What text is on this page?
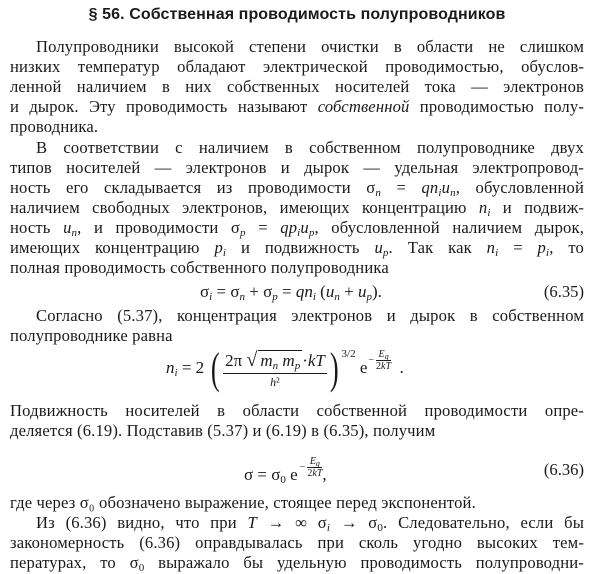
§ 56. Собственная проводимость полупроводников
Полупроводники высокой степени очистки в области не слишком
низких температур обладают электрической проводимостью, обуслов-
ленной наличием в них собственных носителей тока — электронов
и дырок. Эту проводимость называют собственной проводимостью полу-
проводника.
В соответствии с наличием в собственном полупроводнике двух
типов носителей — электронов и дырок — удельная электропровод-
ность его складывается из проводимости $\sigma_n = qn_iu_n$, обусловленной
наличием свободных электронов, имеющих концентрацию $n_i$ и подвиж-
ность $u_n$, и проводимости $\sigma_p = qp_iu_p$, обусловленной наличием дырок,
имеющих концентрацию $p_i$ и подвижность $u_p$. Так как $n_i = p_i$, то
полная проводимость собственного полупроводника
$\sigma_i = \sigma_n + \sigma_p = qn_i$ $(u_n + u_p)$.	(6.35)
Согласно (5.37), концентрация электронов и дырок в собственном
полупроводнике равна
$n_i = 2$ ( $\frac{2\pi √ m_n m_p \cdot kT}{\text{h²}}$ ) $^{3/2}$ $e- \frac{E_g}{2kT}$ .
Подвижность носителей в области собственной проводимости опре-
деляется (6.19). Подставив (5.37) и (6.19) в (6.35), получим
$\sigma = \sigma_0$ $e - \frac{E_g}{2kT}$ ,	(6.36)
где через σ₀ обозначено выражение, стоящее перед экспонентой.
Из (6.36) видно, что при T → ∞ $\sigma_i \to \sigma_0$. Следовательно, если бы
закономерность (6.36) оправдывалась при сколь угодно высоких тем-
пературах, то $\sigma_0$ выражало бы удельную проводимость полупроводни-
